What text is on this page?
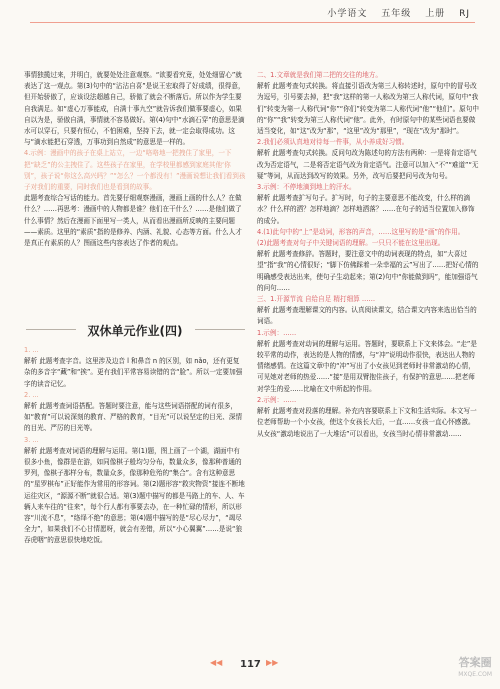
小学语文 五年级 上册 RJ

事情独揽过来，并明白，就要处处注意观察。“欲要看究竟，处处细留心”就表达了这一观点。第(3)句中的“沾沾自喜”是说王宏取得了好成绩，很得意，但开始骄傲了，应该设法超越自己，骄傲了就会不断落后。所以作为学生要自我满足。如“虚心万事能成，自满十事九空”就告诉我们做事要虚心，如果自以为是，骄傲自满，事情就不容易做好。第(4)句中“水滴石穿”的意思是滴水可以穿石，只要有恒心，不怕困难，坚持下去，就一定会取得成功。这与“滴水能把石穿透，万事功到自然成”的意思是一样的。

4.示例：漫画中的孩子在桌上站立，一边“咯咯地一把拽住了家里，一下把“缺乏”的公主拽住了。这些孩子在家里，在学校里都感到家庭其他‘你别”，孩子说“你这么高兴吗？”“怎么？一个都没有！”漫画说想让我们看到孩子对我们的重要，同时我们也是看到的故事。

此题考查综合写话的能力。首先要仔细观察漫画，漫画上画的什么人？在做什么？……再思考：漫画中的人物都是谁？他们在干什么？……是他们做了什么事情？然后在漫画下面里写一类人，从而看出漫画所反映的主要问题——素质。这里的“素质”指的是修养、内涵、礼貌、心态等方面。什么人才是真正有素质的人？图画这些内容表达了作者的观点。

双休单元作业(四)

1. ...

解析 此题考查字音。这里涉及边音 l 和鼻音 n 的区别，如 nǎo，还有更复杂的多音字“藏”和“挨”。更有我们平常容易读错的音“脸”。所以一定要加强字的读音记忆。

2. ...

解析 此题考查词语搭配。答题时要注意，能与这些词语搭配的词有很多，如“教育”可以说深刻的教育、严格的教育，“目光”可以说坚定的目光、深情的目光、严厉的目光等。

3. ...

解析 此题考查对词语的理解与运用。第(1)题，图上画了一个湖，湖面中有很多小鱼，像群是在游，如同像棋子般均匀分布，数量众多，像那种普通的罗列，像棋子那样分布，数量众多，像那种危殆的“集合”。含有这种意思的“星罗棋布”正好能作为常用的形容词。第(2)题形容“救灾物资”接连不断地运往灾区，“源源不断”就很合适。第(3)题中描写的都是马路上的车、人、车辆人来车往的“往来”，每个行人都有事要去办，在一种忙碌的情形，所以形容“川流不息”，“络绎不绝”的意思；第(4)题中描写的是“尽心尽力”，“竭尽全力”，如果我们不心甘情愿呀，就会有差错，所以“小心翼翼”……是说“狼吞虎咽”的意思很快地吃饭。

二、1.文章就是我们第二把的交往的地方。

解析 此题考查句式转换。将直接引语改为第三人称转述时，原句中的冒号改为逗号，引号要去掉，把“我”这样的第一人称改为第三人称代词，原句中“我们”转变为第一人称代词“你”“你们”转变为第二人称代词“他”“他们”。原句中的“你”“我”转变为第三人称代词“他”。此外，有时原句中的某些词语也要做适当变化，如“这”改为“那”，“这里”改为“那里”，“现在”改为“那时”。

2.我们必须认真地对待每一件事，从小养成好习惯。

解析 此题考查句式转换。反问句改为陈述句的方法有两种：一是将肯定语气改为否定语气，二是将否定语气改为肯定语气。注意可以加入“不”“难道”“无疑”等词，从而达到改写的效果。另外，改写后要把问号改为句号。

3.示例：不停地滴到地上的汗水。

解析 此题考查扩写句子。扩写时，句子的主要意思不能改变，什么样的滴水？什么样的洒？怎样地滴？怎样地洒落？……在句子的适当位置加入修饰的成分。

4.(1)此句中的“上”是动词，形容的声音，……这里写的是“画”的作用。

(2)此题考查对句子中关键词语的理解。一只只不能在这里出现。

解析 此题考查修辞。答题时，要注意文中的动词表现的特点，如“大喜过望”指“我”的心情很好；“脚下仿佛踩着一朵幸福的云”写出了……把好心情的明确感受表达出来，使句子生动起来；第(2)句中“你能做到吗”，能加强语气的问句……

三、1.开源节流 自给自足 精打细算 ……

解析 此题考查理解课文的内容。认真阅读课文，结合课文内容来选出恰当的词语。

1.示例：……

解析 此题考查对动词的理解与运用。答题时，要联系上下文来体会。“走”是较平常的动作，表达的是人物的情感，与“冲”说明动作很快，表达出人物的情绪感情。在这篇文章中的“冲”写出了小女孩见到老师时非常激动的心情，可见她对老师的热爱……“接”是用双臂抱住孩子，有保护的意思……把老师对学生的爱……比喻在文中所起的作用。

2.示例：……

解析 此题考查对段落的理解。补充内容要联系上下文和生活实际。本文写一位老师帮助一个小女孩，使这个女孩长大后，一直……女孩一直心怀感激。从女孩“激动地说出了一大堆话”可以看出，女孩当时心情非常激动……

◀◀ 117 ▶▶	答案圈
MXQE.COM
